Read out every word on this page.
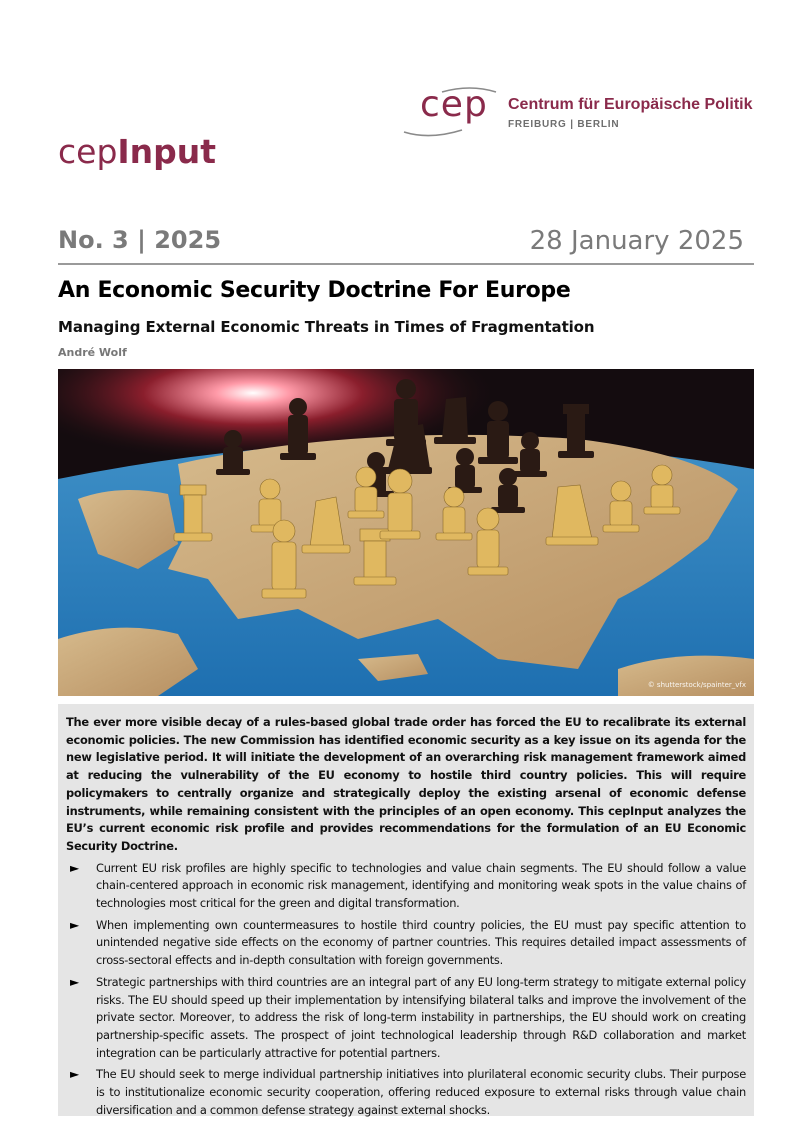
cep Centrum für Europäische Politik
FREIBURG | BERLIN
cepInput
No. 3 | 2025	28 January 2025
An Economic Security Doctrine For Europe
Managing External Economic Threats in Times of Fragmentation
André Wolf
© shutterstock/spainter_vfx

The ever more visible decay of a rules-based global trade order has forced the EU to recalibrate its external economic policies. The new Commission has identified economic security as a key issue on its agenda for the new legislative period. It will initiate the development of an overarching risk management framework aimed at reducing the vulnerability of the EU economy to hostile third country policies. This will require policymakers to centrally organize and strategically deploy the existing arsenal of economic defense instruments, while remaining consistent with the principles of an open economy. This cepInput analyzes the EU’s current economic risk profile and provides recommendations for the formulation of an EU Economic Security Doctrine.

► Current EU risk profiles are highly specific to technologies and value chain segments. The EU should follow a value chain-centered approach in economic risk management, identifying and monitoring weak spots in the value chains of technologies most critical for the green and digital transformation.
► When implementing own countermeasures to hostile third country policies, the EU must pay specific attention to unintended negative side effects on the economy of partner countries. This requires detailed impact assessments of cross-sectoral effects and in-depth consultation with foreign governments.
► Strategic partnerships with third countries are an integral part of any EU long-term strategy to mitigate external policy risks. The EU should speed up their implementation by intensifying bilateral talks and improve the involvement of the private sector. Moreover, to address the risk of long-term instability in partnerships, the EU should work on creating partnership-specific assets. The prospect of joint technological leadership through R&D collaboration and market integration can be particularly attractive for potential partners.
► The EU should seek to merge individual partnership initiatives into plurilateral economic security clubs. Their purpose is to institutionalize economic security cooperation, offering reduced exposure to external risks through value chain diversification and a common defense strategy against external shocks.
